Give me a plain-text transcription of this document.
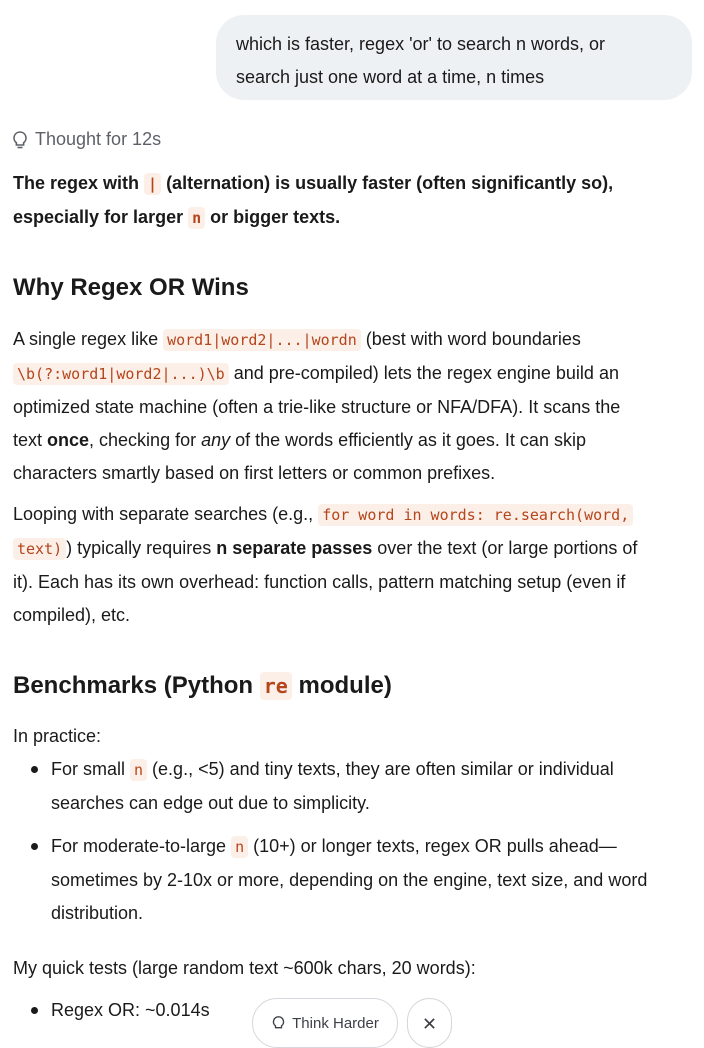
which is faster, regex 'or' to search n words, or
search just one word at a time, n times
Thought for 12s
The regex with | (alternation) is usually faster (often significantly so),
especially for larger n or bigger texts.
Why Regex OR Wins
A single regex like word1|word2|...|wordn (best with word boundaries
\b(?:word1|word2|...)\b and pre-compiled) lets the regex engine build an
optimized state machine (often a trie-like structure or NFA/DFA). It scans the
text once, checking for any of the words efficiently as it goes. It can skip
characters smartly based on first letters or common prefixes.
Looping with separate searches (e.g., for word in words: re.search(word,
text) ) typically requires n separate passes over the text (or large portions of
it). Each has its own overhead: function calls, pattern matching setup (even if
compiled), etc.
Benchmarks (Python re module)
In practice:
For small n (e.g., <5) and tiny texts, they are often similar or individual
searches can edge out due to simplicity.
For moderate-to-large n (10+) or longer texts, regex OR pulls ahead—
sometimes by 2-10x or more, depending on the engine, text size, and word
distribution.
My quick tests (large random text ~600k chars, 20 words):
Regex OR: ~0.014s
Think Harder
